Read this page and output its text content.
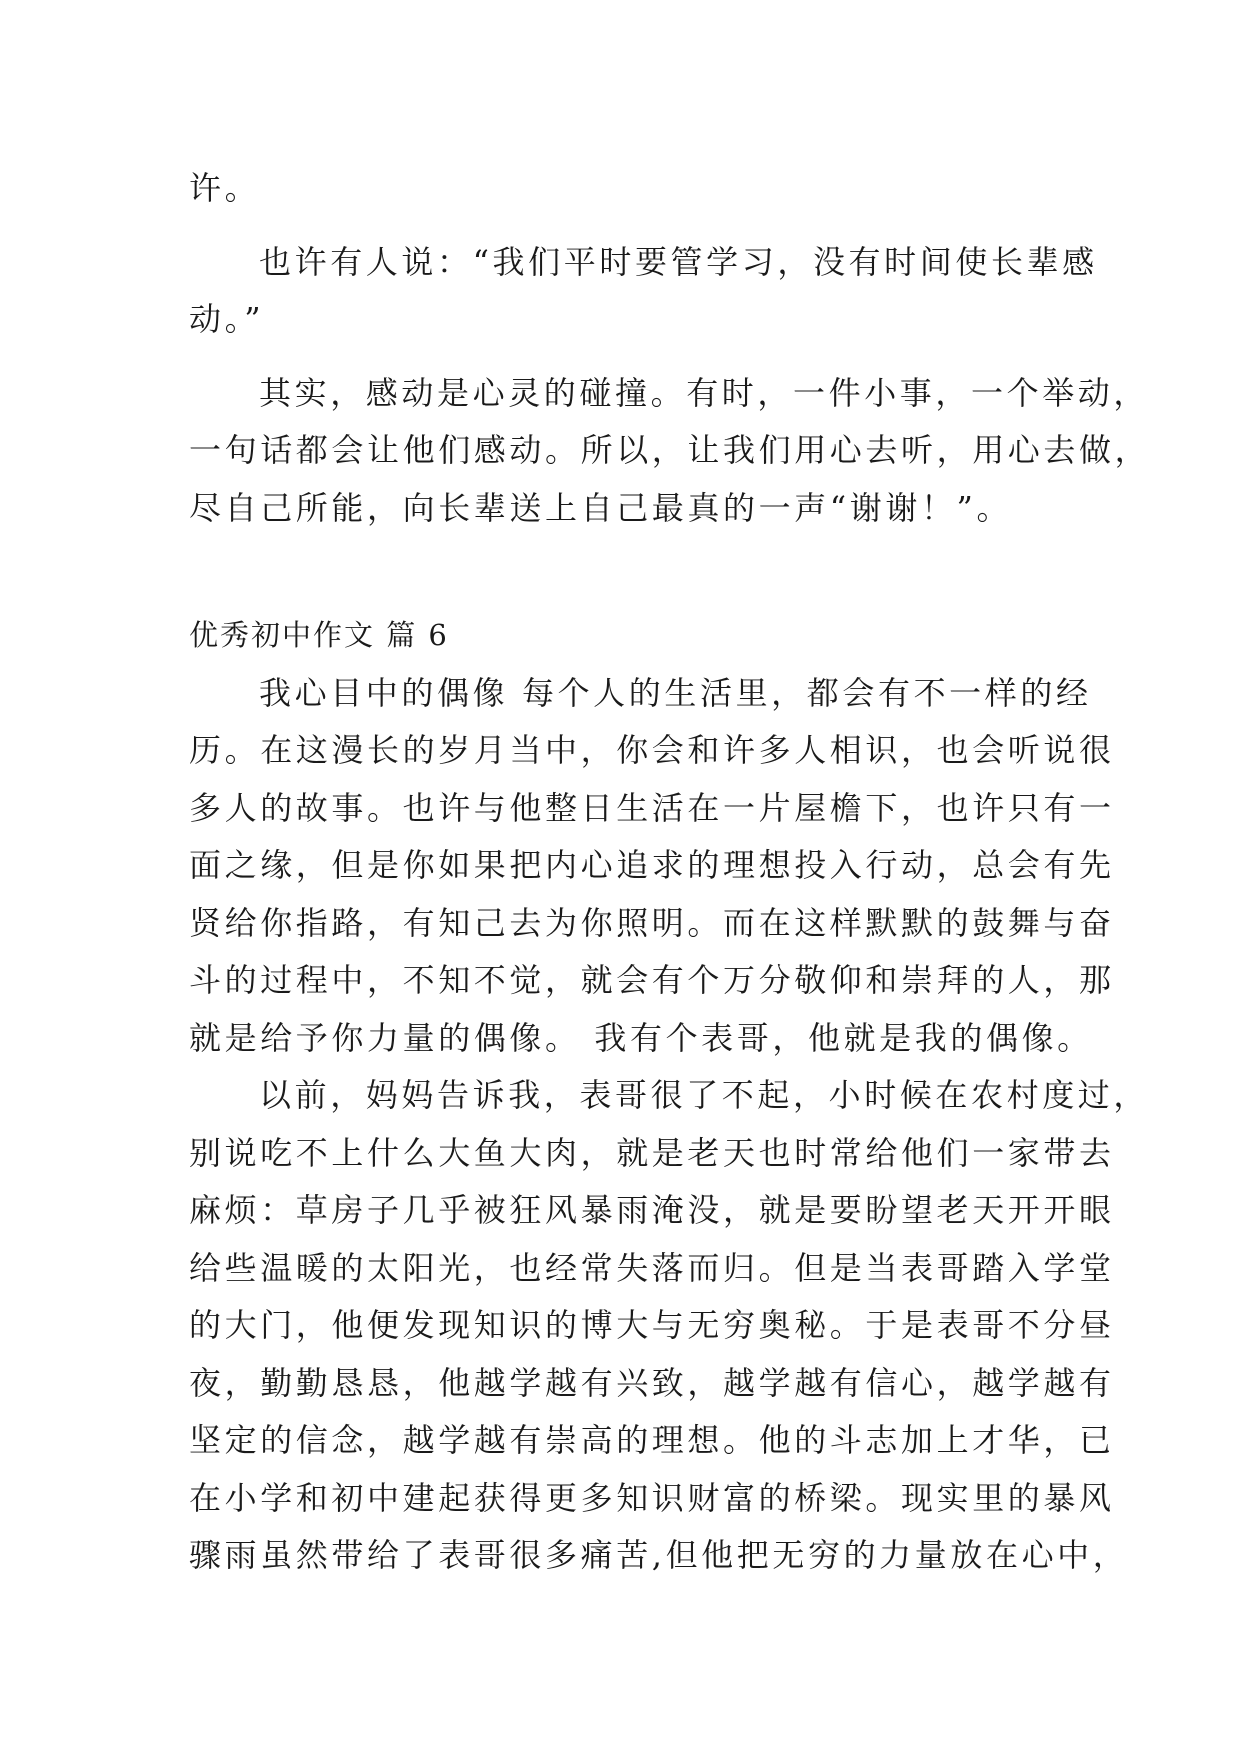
许。
也许有人说：“我们平时要管学习，没有时间使长辈感
动。”
其实，感动是心灵的碰撞。有时，一件小事，一个举动，
一句话都会让他们感动。所以，让我们用心去听，用心去做，
尽自己所能，向长辈送上自己最真的一声“谢谢！”。
优秀初中作文 篇 6
我心目中的偶像 每个人的生活里，都会有不一样的经
历。在这漫长的岁月当中，你会和许多人相识，也会听说很
多人的故事。也许与他整日生活在一片屋檐下，也许只有一
面之缘，但是你如果把内心追求的理想投入行动，总会有先
贤给你指路，有知己去为你照明。而在这样默默的鼓舞与奋
斗的过程中，不知不觉，就会有个万分敬仰和崇拜的人，那
就是给予你力量的偶像。 我有个表哥，他就是我的偶像。
以前，妈妈告诉我，表哥很了不起，小时候在农村度过，
别说吃不上什么大鱼大肉，就是老天也时常给他们一家带去
麻烦：草房子几乎被狂风暴雨淹没，就是要盼望老天开开眼
给些温暖的太阳光，也经常失落而归。但是当表哥踏入学堂
的大门，他便发现知识的博大与无穷奥秘。于是表哥不分昼
夜，勤勤恳恳，他越学越有兴致，越学越有信心，越学越有
坚定的信念，越学越有崇高的理想。他的斗志加上才华，已
在小学和初中建起获得更多知识财富的桥梁。现实里的暴风
骤雨虽然带给了表哥很多痛苦,但他把无穷的力量放在心中，
